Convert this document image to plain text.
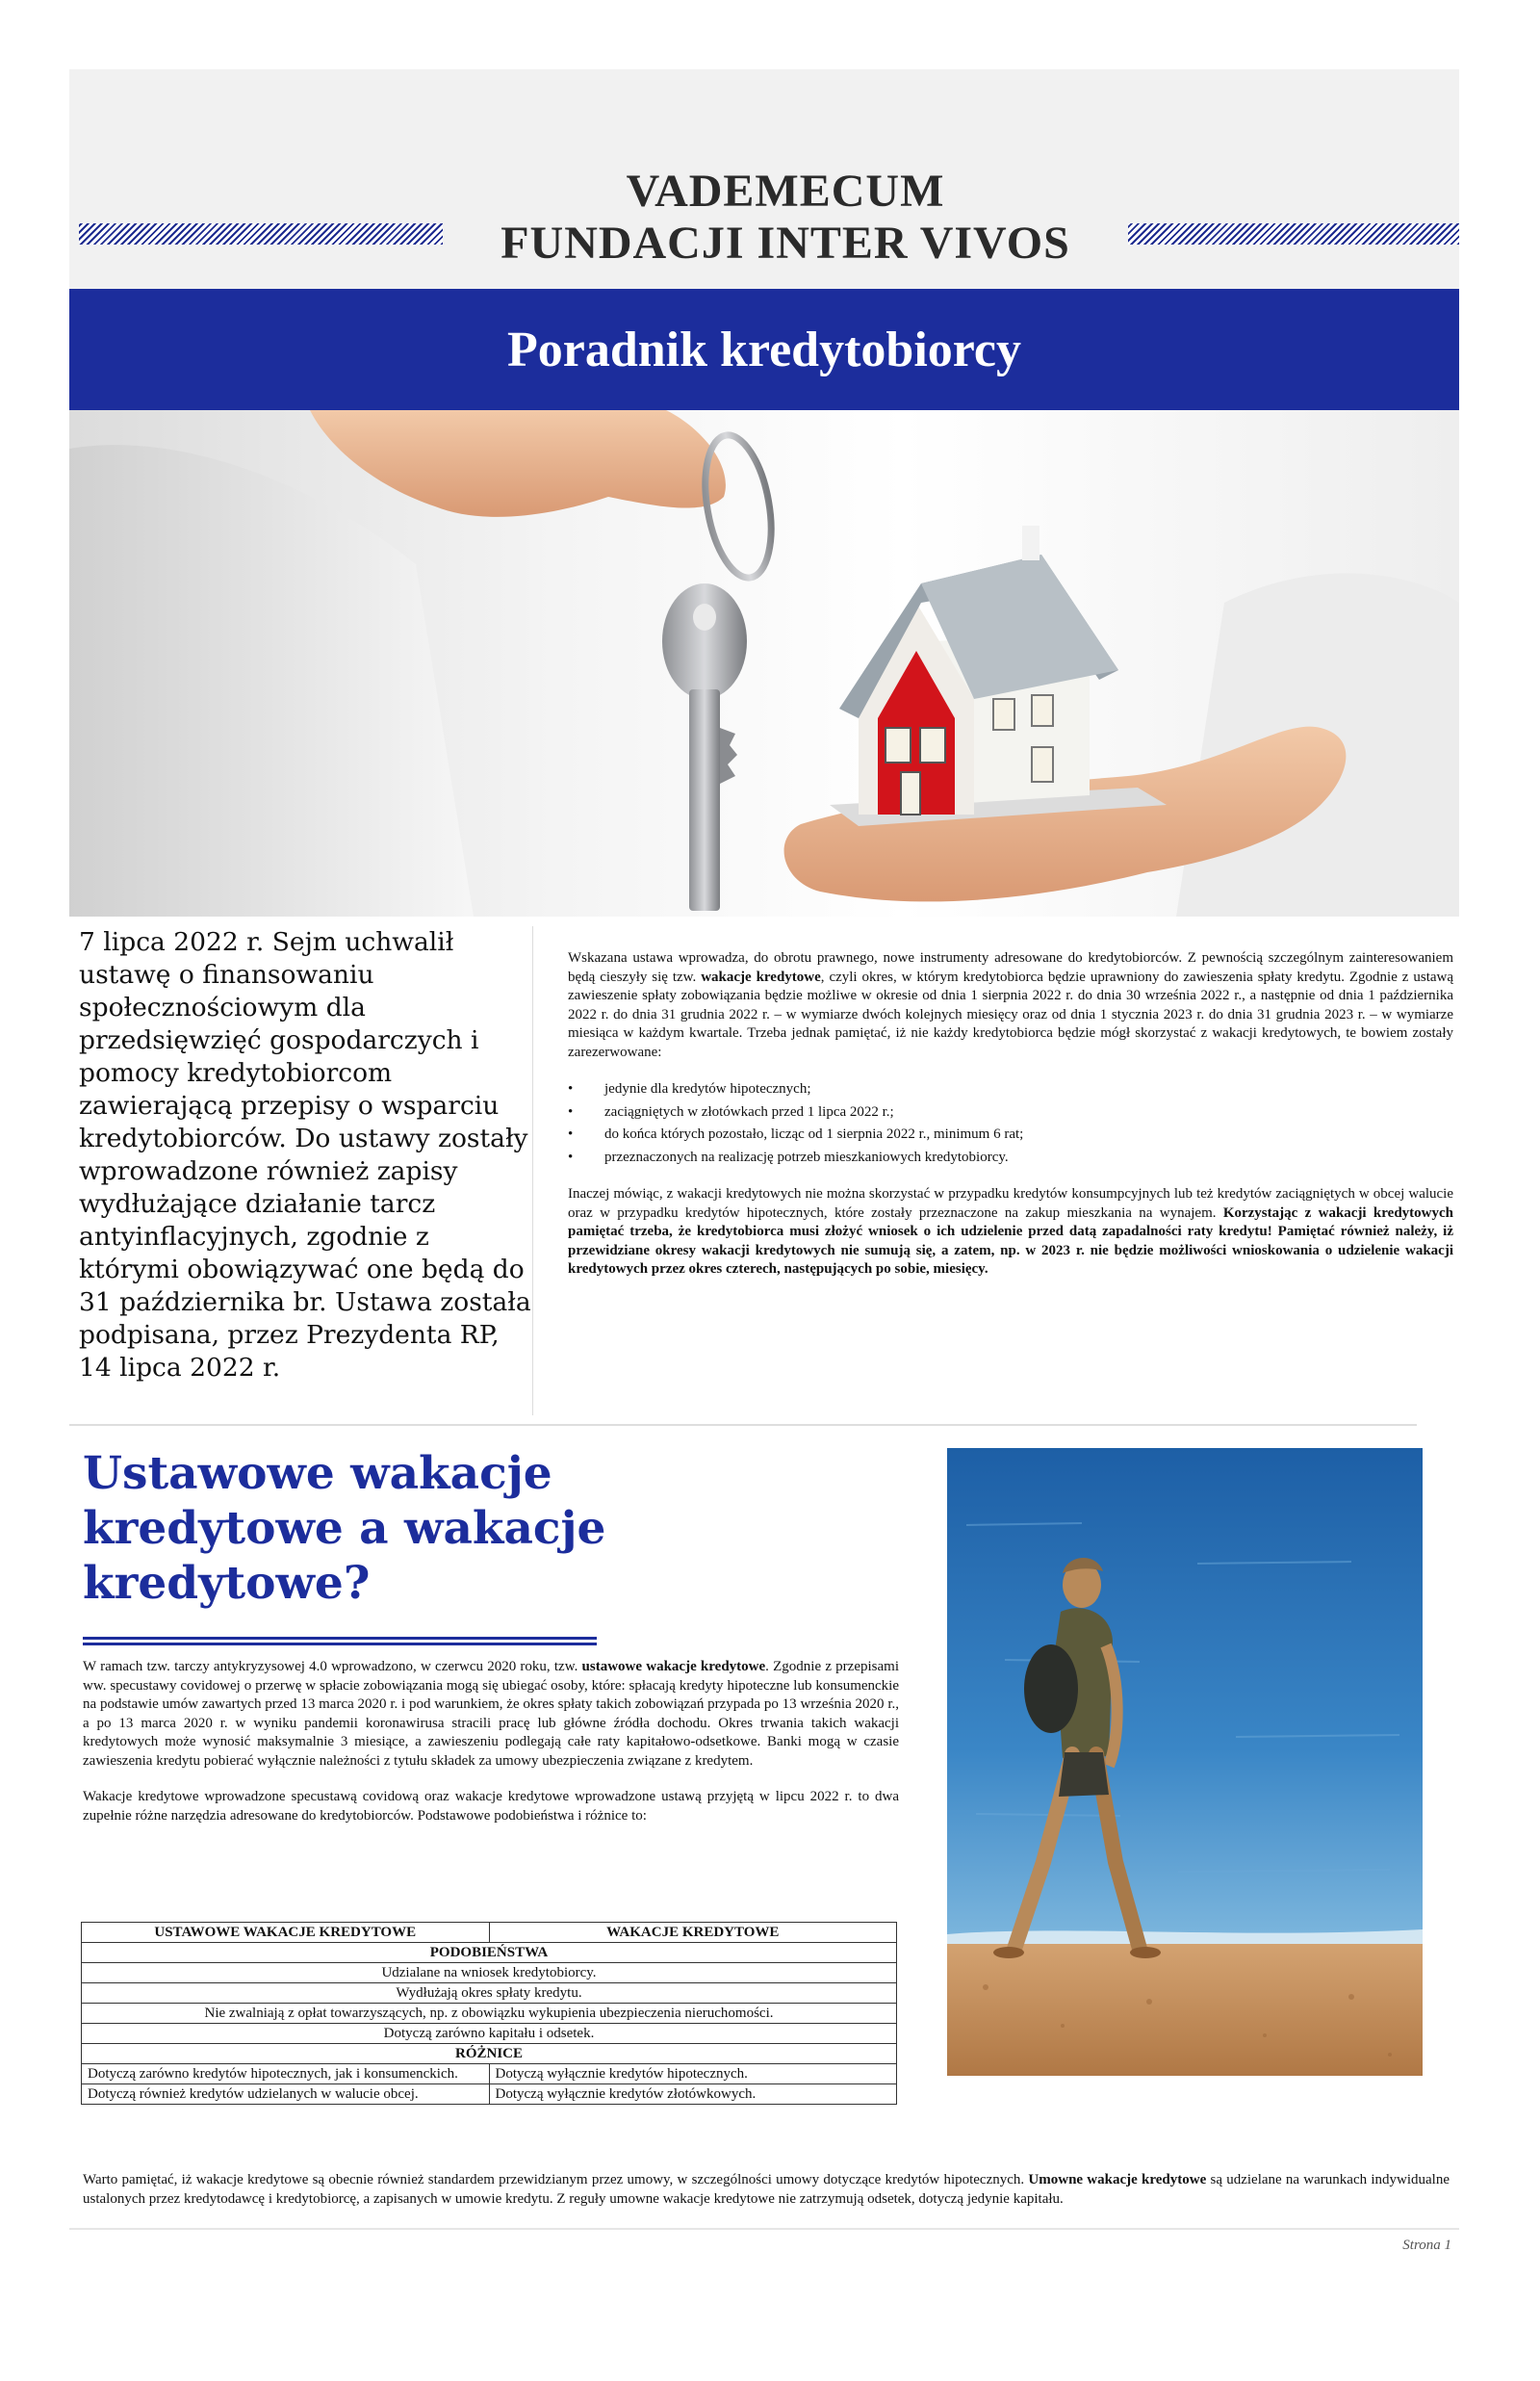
VADEMECUM
FUNDACJI INTER VIVOS
Poradnik kredytobiorcy
7 lipca 2022 r. Sejm uchwalił ustawę o finansowaniu społecznościowym dla przedsięwzięć gospodarczych i pomocy kredytobiorcom zawierającą przepisy o wsparciu kredytobiorców. Do ustawy zostały wprowadzone również zapisy wydłużające działanie tarcz antyinflacyjnych, zgodnie z którymi obowiązywać one będą do 31 października br. Ustawa została podpisana, przez Prezydenta RP, 14 lipca 2022 r.

Wskazana ustawa wprowadza, do obrotu prawnego, nowe instrumenty adresowane do kredytobiorców. Z pewnością szczególnym zainteresowaniem będą cieszyły się tzw. wakacje kredytowe, czyli okres, w którym kredytobiorca będzie uprawniony do zawieszenia spłaty kredytu. Zgodnie z ustawą zawieszenie spłaty zobowiązania będzie możliwe w okresie od dnia 1 sierpnia 2022 r. do dnia 30 września 2022 r., a następnie od dnia 1 października 2022 r. do dnia 31 grudnia 2022 r. – w wymiarze dwóch kolejnych miesięcy oraz od dnia 1 stycznia 2023 r. do dnia 31 grudnia 2023 r. – w wymiarze miesiąca w każdym kwartale. Trzeba jednak pamiętać, iż nie każdy kredytobiorca będzie mógł skorzystać z wakacji kredytowych, te bowiem zostały zarezerwowane:

• jedynie dla kredytów hipotecznych;
• zaciągniętych w złotówkach przed 1 lipca 2022 r.;
• do końca których pozostało, licząc od 1 sierpnia 2022 r., minimum 6 rat;
• przeznaczonych na realizację potrzeb mieszkaniowych kredytobiorcy.

Inaczej mówiąc, z wakacji kredytowych nie można skorzystać w przypadku kredytów konsumpcyjnych lub też kredytów zaciągniętych w obcej walucie oraz w przypadku kredytów hipotecznych, które zostały przeznaczone na zakup mieszkania na wynajem. Korzystając z wakacji kredytowych pamiętać trzeba, że kredytobiorca musi złożyć wniosek o ich udzielenie przed datą zapadalności raty kredytu! Pamiętać również należy, iż przewidziane okresy wakacji kredytowych nie sumują się, a zatem, np. w 2023 r. nie będzie możliwości wnioskowania o udzielenie wakacji kredytowych przez okres czterech, następujących po sobie, miesięcy.

Ustawowe wakacje kredytowe a wakacje kredytowe?

W ramach tzw. tarczy antykryzysowej 4.0 wprowadzono, w czerwcu 2020 roku, tzw. ustawowe wakacje kredytowe. Zgodnie z przepisami ww. specustawy covidowej o przerwę w spłacie zobowiązania mogą się ubiegać osoby, które: spłacają kredyty hipoteczne lub konsumenckie na podstawie umów zawartych przed 13 marca 2020 r. i pod warunkiem, że okres spłaty takich zobowiązań przypada po 13 września 2020 r., a po 13 marca 2020 r. w wyniku pandemii koronawirusa stracili pracę lub główne źródła dochodu. Okres trwania takich wakacji kredytowych może wynosić maksymalnie 3 miesiące, a zawieszeniu podlegają całe raty kapitałowo-odsetkowe. Banki mogą w czasie zawieszenia kredytu pobierać wyłącznie należności z tytułu składek za umowy ubezpieczenia związane z kredytem.

Wakacje kredytowe wprowadzone specustawą covidową oraz wakacje kredytowe wprowadzone ustawą przyjętą w lipcu 2022 r. to dwa zupełnie różne narzędzia adresowane do kredytobiorców. Podstawowe podobieństwa i różnice to:

USTAWOWE WAKACJE KREDYTOWE	WAKACJE KREDYTOWE
PODOBIEŃSTWA	
Udzialane na wniosek kredytobiorcy.	
Wydłużają okres spłaty kredytu.	
Nie zwalniają z opłat towarzyszących, np. z obowiązku wykupienia ubezpieczenia nieruchomości.	
Dotyczą zarówno kapitału i odsetek.	
RÓŻNICE	
Dotyczą zarówno kredytów hipotecznych, jak i konsumenckich.	Dotyczą wyłącznie kredytów hipotecznych.
Dotyczą również kredytów udzielanych w walucie obcej.	Dotyczą wyłącznie kredytów złotówkowych.
Warto pamiętać, iż wakacje kredytowe są obecnie również standardem przewidzianym przez umowy, w szczególności umowy dotyczące kredytów hipotecznych. Umowne wakacje kredytowe są udzielane na warunkach indywidualne ustalonych przez kredytodawcę i kredytobiorcę, a zapisanych w umowie kredytu. Z reguły umowne wakacje kredytowe nie zatrzymują odsetek, dotyczą jedynie kapitału.
Strona 1
